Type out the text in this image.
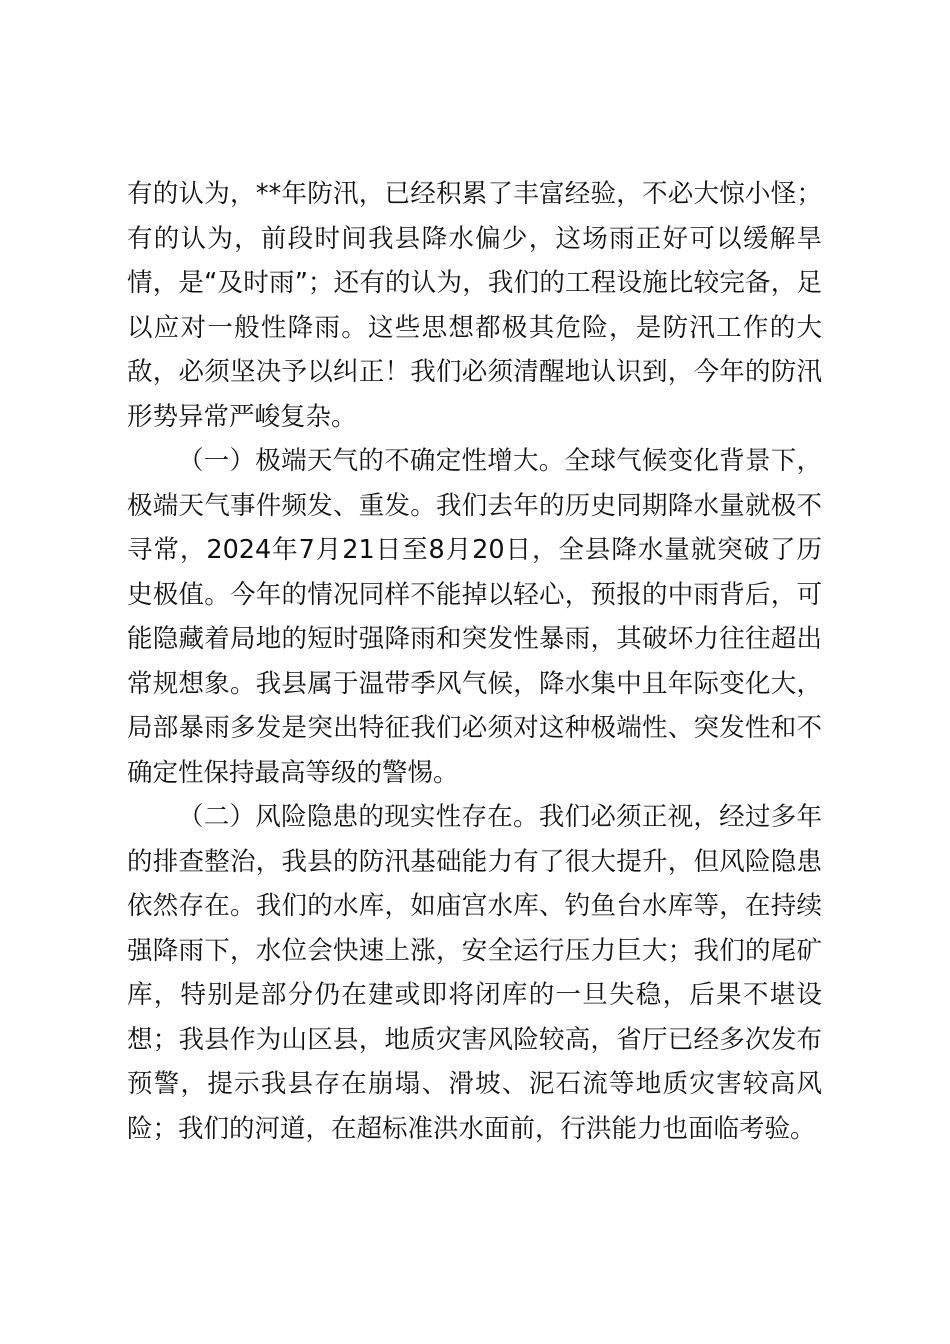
有的认为，**年防汛，已经积累了丰富经验，不必大惊小怪；有的认为，前段时间我县降水偏少，这场雨正好可以缓解旱情，是“及时雨”；还有的认为，我们的工程设施比较完备，足以应对一般性降雨。这些思想都极其危险，是防汛工作的大敌，必须坚决予以纠正！我们必须清醒地认识到，今年的防汛形势异常严峻复杂。

（一）极端天气的不确定性增大。全球气候变化背景下，极端天气事件频发、重发。我们去年的历史同期降水量就极不寻常，2024年7月21日至8月20日，全县降水量就突破了历史极值。今年的情况同样不能掉以轻心，预报的中雨背后，可能隐藏着局地的短时强降雨和突发性暴雨，其破坏力往往超出常规想象。我县属于温带季风气候，降水集中且年际变化大，局部暴雨多发是突出特征我们必须对这种极端性、突发性和不确定性保持最高等级的警惕。

（二）风险隐患的现实性存在。我们必须正视，经过多年的排查整治，我县的防汛基础能力有了很大提升，但风险隐患依然存在。我们的水库，如庙宫水库、钓鱼台水库等，在持续强降雨下，水位会快速上涨，安全运行压力巨大；我们的尾矿库，特别是部分仍在建或即将闭库的一旦失稳，后果不堪设想；我县作为山区县，地质灾害风险较高，省厅已经多次发布预警，提示我县存在崩塌、滑坡、泥石流等地质灾害较高风险；我们的河道，在超标准洪水面前，行洪能力也面临考验。
